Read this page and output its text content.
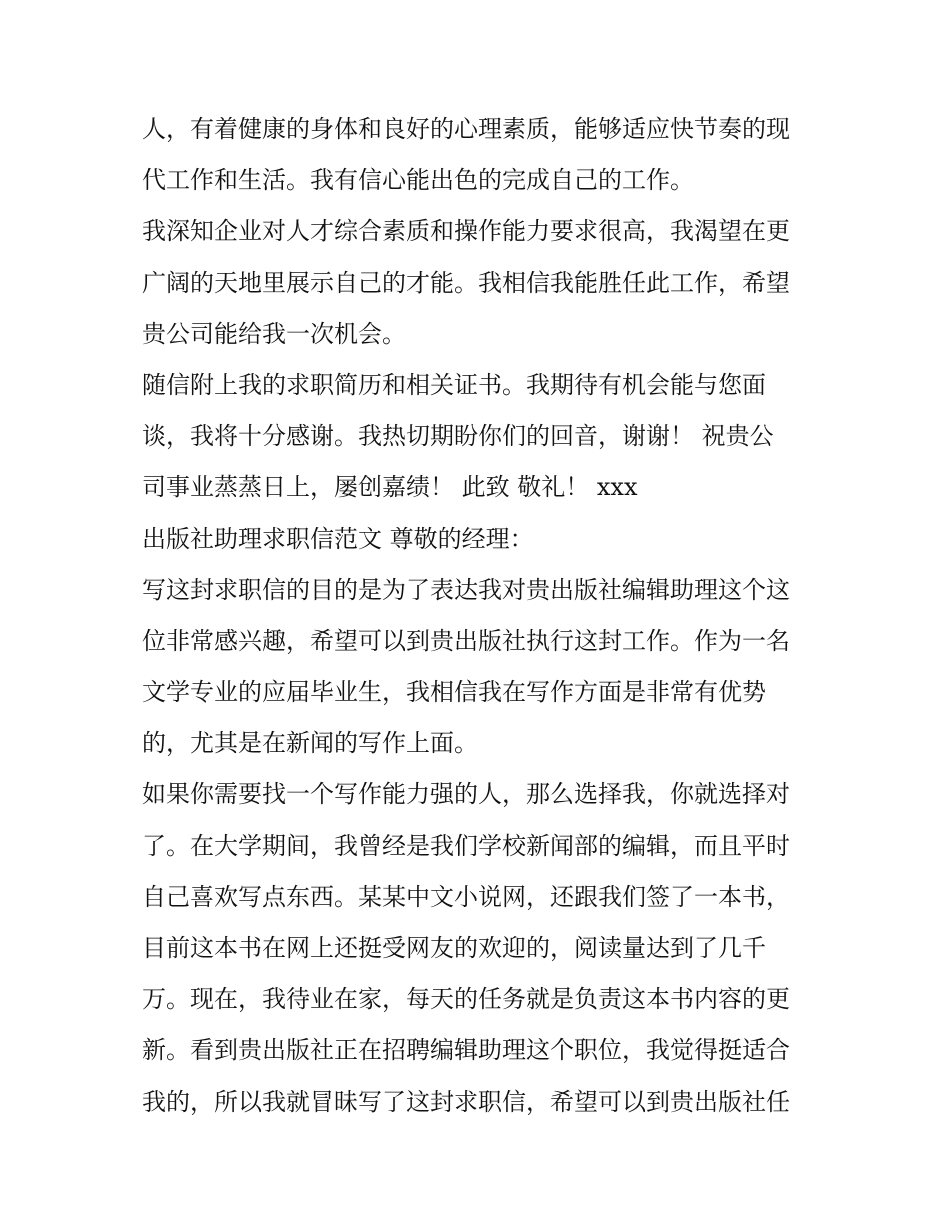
人，有着健康的身体和良好的心理素质，能够适应快节奏的现
代工作和生活。我有信心能出色的完成自己的工作。
我深知企业对人才综合素质和操作能力要求很高，我渴望在更
广阔的天地里展示自己的才能。我相信我能胜任此工作，希望
贵公司能给我一次机会。
随信附上我的求职简历和相关证书。我期待有机会能与您面
谈，我将十分感谢。我热切期盼你们的回音，谢谢！ 祝贵公
司事业蒸蒸日上，屡创嘉绩！ 此致 敬礼！ xxx
出版社助理求职信范文 尊敬的经理：
写这封求职信的目的是为了表达我对贵出版社编辑助理这个这
位非常感兴趣，希望可以到贵出版社执行这封工作。作为一名
文学专业的应届毕业生，我相信我在写作方面是非常有优势
的，尤其是在新闻的写作上面。
如果你需要找一个写作能力强的人，那么选择我，你就选择对
了。在大学期间，我曾经是我们学校新闻部的编辑，而且平时
自己喜欢写点东西。某某中文小说网，还跟我们签了一本书，
目前这本书在网上还挺受网友的欢迎的，阅读量达到了几千
万。现在，我待业在家，每天的任务就是负责这本书内容的更
新。看到贵出版社正在招聘编辑助理这个职位，我觉得挺适合
我的，所以我就冒昧写了这封求职信，希望可以到贵出版社任
